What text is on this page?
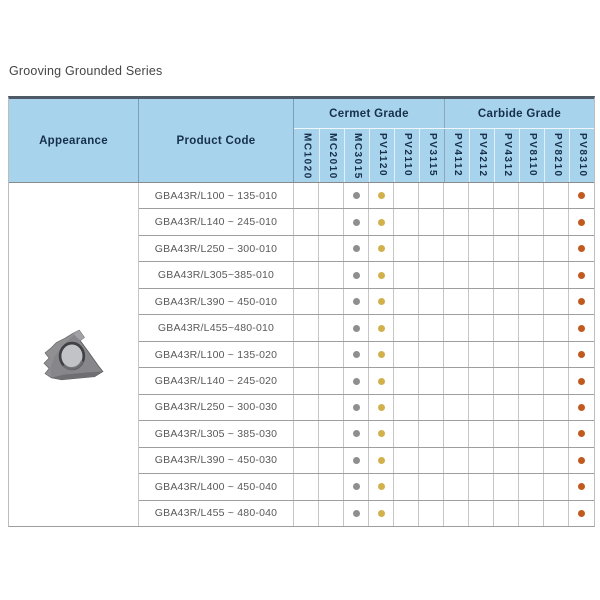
Grooving Grounded Series
Appearance	Product Code
Cermet Grade	Carbide Grade
MC1020 MC2010 MC3015 PV1120 PV2110 PV3115 PV4112 PV4212 PV4312 PV8110 PV8210 PV8310
GBA43R/L100 ~ 135-010
GBA43R/L140 ~ 245-010
GBA43R/L250 ~ 300-010
GBA43R/L305~385-010
GBA43R/L390 ~ 450-010
GBA43R/L455~480-010
GBA43R/L100 ~ 135-020
GBA43R/L140 ~ 245-020
GBA43R/L250 ~ 300-030
GBA43R/L305 ~ 385-030
GBA43R/L390 ~ 450-030
GBA43R/L400 ~ 450-040
GBA43R/L455 ~ 480-040
